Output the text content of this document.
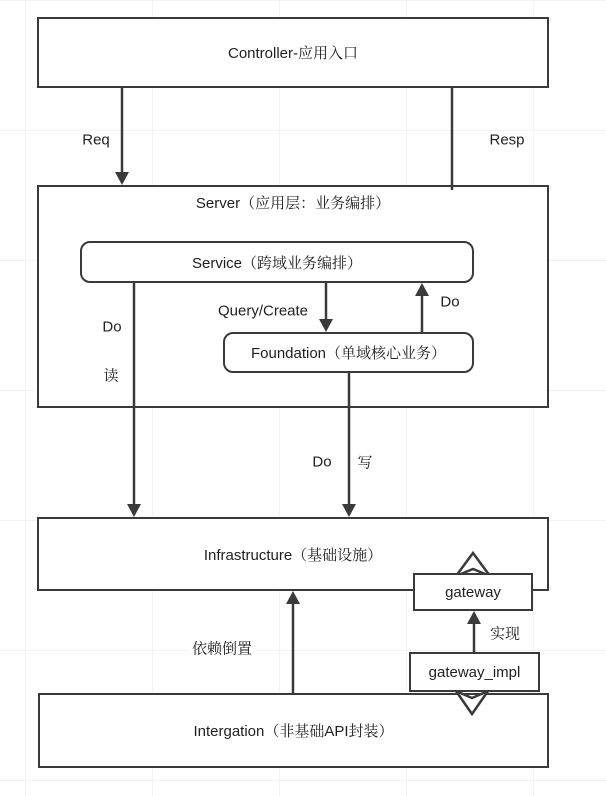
Controller-应用入口
Server（应用层：业务编排）
Service（跨域业务编排）
Foundation（单域核心业务）
Infrastructure（基础设施）
gateway
gateway_impl
Intergation（非基础API封装）
Req	Resp
Do
读
Query/Create
Do
Do 写
依赖倒置
实现
